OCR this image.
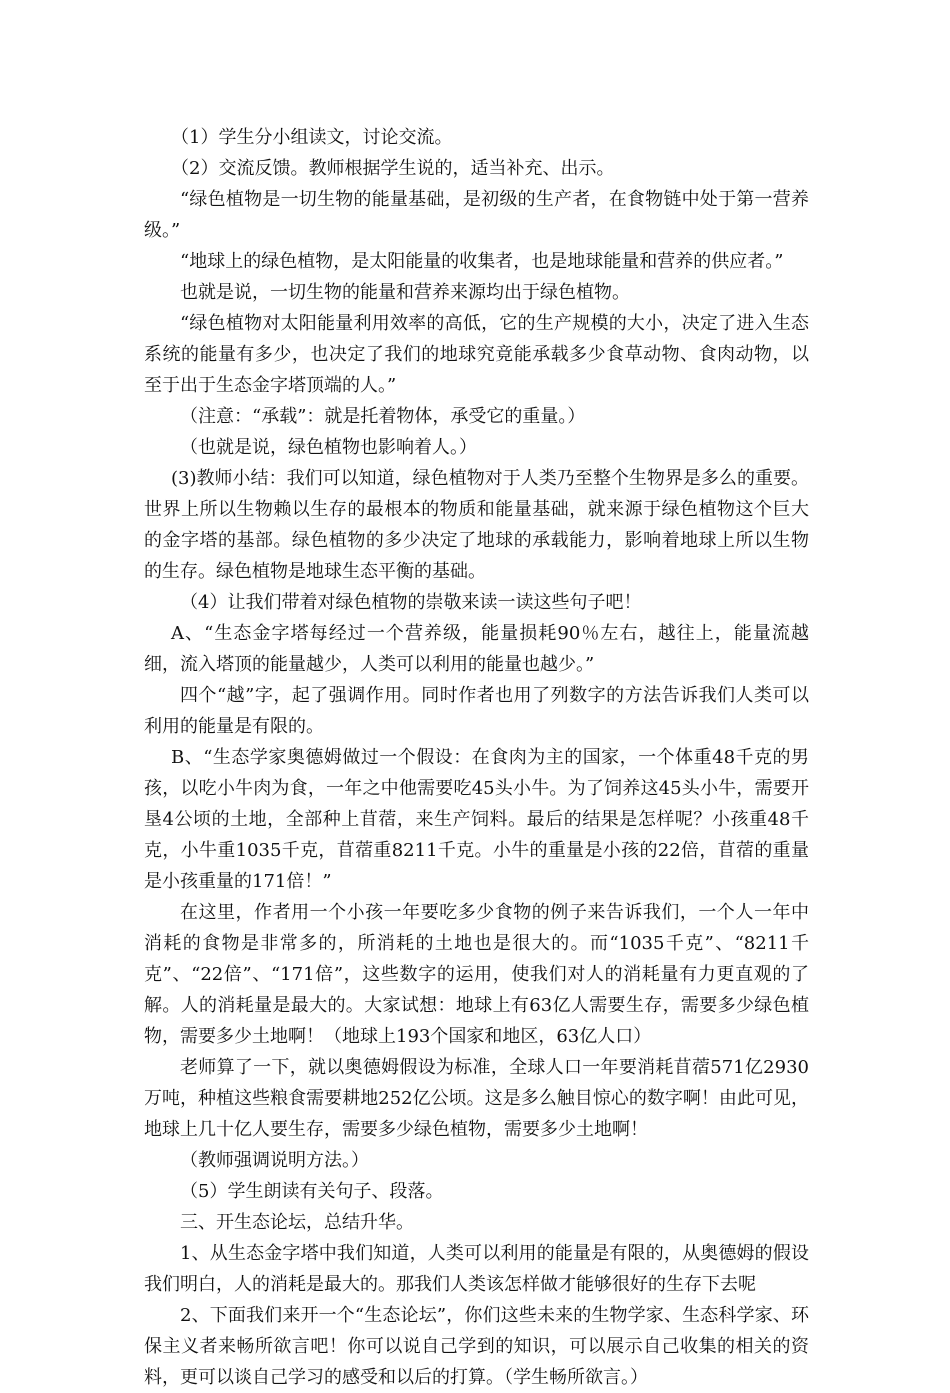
（1）学生分小组读文，讨论交流。

（2）交流反馈。教师根据学生说的，适当补充、出示。

“绿色植物是一切生物的能量基础，是初级的生产者，在食物链中处于第一营养级。”

“地球上的绿色植物，是太阳能量的收集者，也是地球能量和营养的供应者。”

也就是说，一切生物的能量和营养来源均出于绿色植物。

“绿色植物对太阳能量利用效率的高低，它的生产规模的大小，决定了进入生态系统的能量有多少，也决定了我们的地球究竟能承载多少食草动物、食肉动物，以至于出于生态金字塔顶端的人。”

（注意：“承载”：就是托着物体，承受它的重量。）

（也就是说，绿色植物也影响着人。）

(3)教师小结：我们可以知道，绿色植物对于人类乃至整个生物界是多么的重要。世界上所以生物赖以生存的最根本的物质和能量基础，就来源于绿色植物这个巨大的金字塔的基部。绿色植物的多少决定了地球的承载能力，影响着地球上所以生物的生存。绿色植物是地球生态平衡的基础。

（4）让我们带着对绿色植物的崇敬来读一读这些句子吧！

A、“生态金字塔每经过一个营养级，能量损耗90％左右，越往上，能量流越细，流入塔顶的能量越少，人类可以利用的能量也越少。”

四个“越”字，起了强调作用。同时作者也用了列数字的方法告诉我们人类可以利用的能量是有限的。

B、“生态学家奥德姆做过一个假设：在食肉为主的国家，一个体重48千克的男孩，以吃小牛肉为食，一年之中他需要吃45头小牛。为了饲养这45头小牛，需要开垦4公顷的土地，全部种上苜蓿，来生产饲料。最后的结果是怎样呢？小孩重48千克，小牛重1035千克，苜蓿重8211千克。小牛的重量是小孩的22倍，苜蓿的重量是小孩重量的171倍！”

在这里，作者用一个小孩一年要吃多少食物的例子来告诉我们，一个人一年中消耗的食物是非常多的，所消耗的土地也是很大的。而“1035千克”、“8211千克”、“22倍”、“171倍”，这些数字的运用，使我们对人的消耗量有力更直观的了解。人的消耗量是最大的。大家试想：地球上有63亿人需要生存，需要多少绿色植物，需要多少土地啊！（地球上193个国家和地区，63亿人口）

老师算了一下，就以奥德姆假设为标准，全球人口一年要消耗苜蓿571亿2930万吨，种植这些粮食需要耕地252亿公顷。这是多么触目惊心的数字啊！由此可见，地球上几十亿人要生存，需要多少绿色植物，需要多少土地啊！

（教师强调说明方法。）

（5）学生朗读有关句子、段落。

三、开生态论坛，总结升华。

1、从生态金字塔中我们知道，人类可以利用的能量是有限的，从奥德姆的假设我们明白，人的消耗是最大的。那我们人类该怎样做才能够很好的生存下去呢

2、下面我们来开一个“生态论坛”，你们这些未来的生物学家、生态科学家、环保主义者来畅所欲言吧！你可以说自己学到的知识，可以展示自己收集的相关的资料，更可以谈自己学习的感受和以后的打算。（学生畅所欲言。）
